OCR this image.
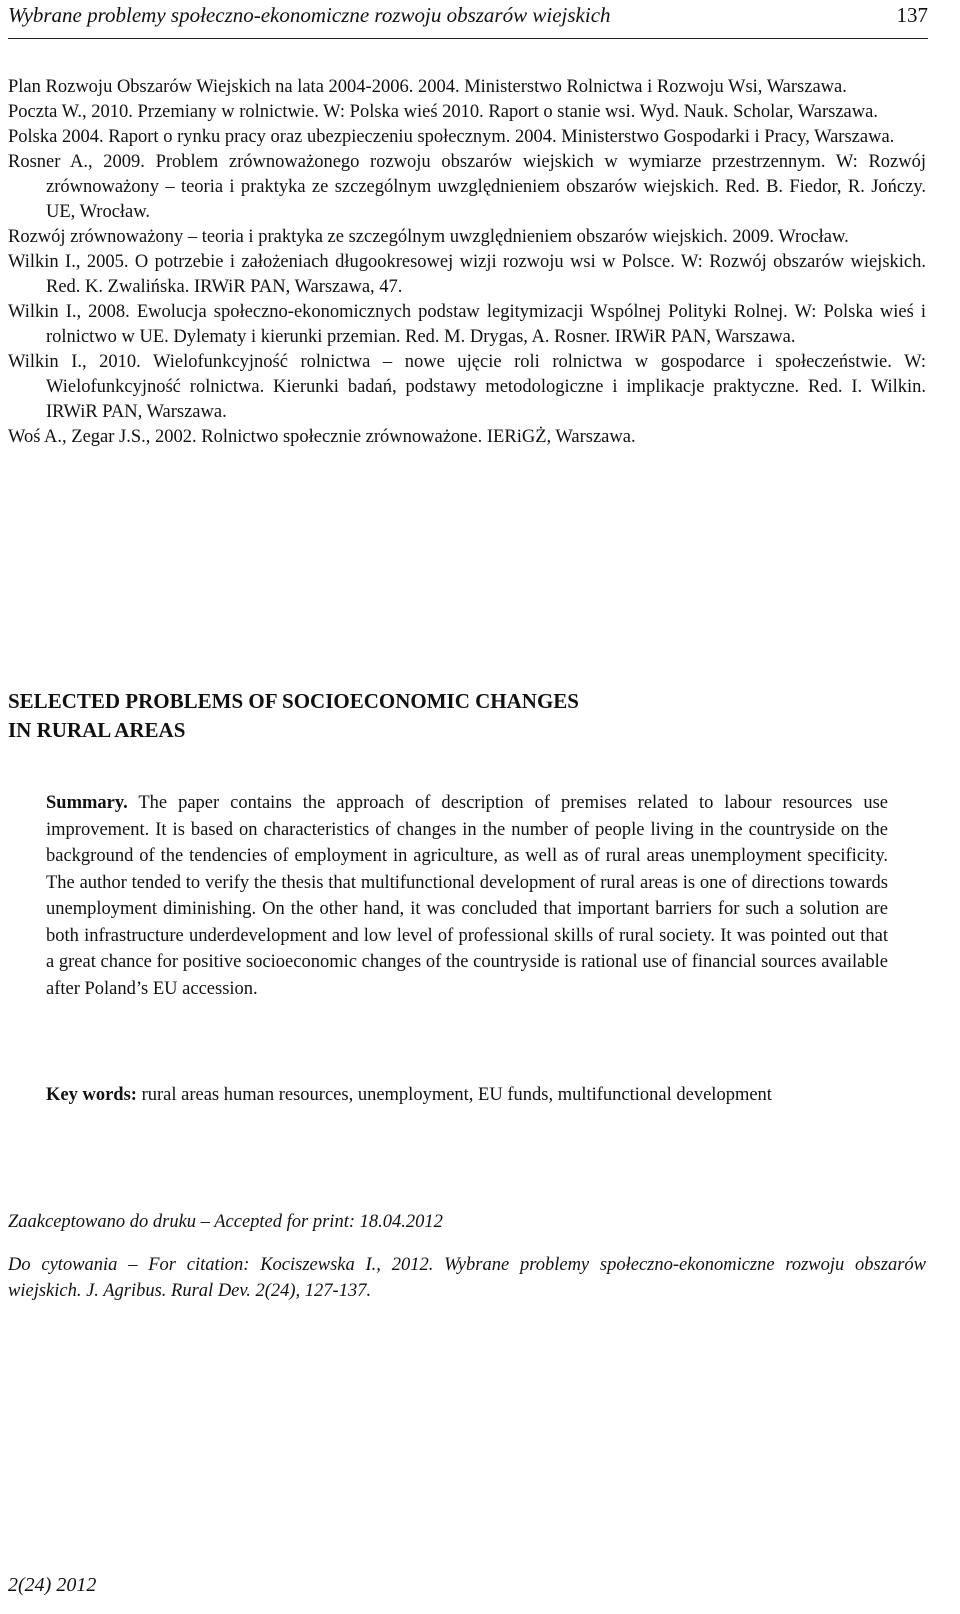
Wybrane problemy społeczno-ekonomiczne rozwoju obszarów wiejskich	137

Plan Rozwoju Obszarów Wiejskich na lata 2004-2006. 2004. Ministerstwo Rolnictwa i Rozwoju Wsi, Warszawa.

Poczta W., 2010. Przemiany w rolnictwie. W: Polska wieś 2010. Raport o stanie wsi. Wyd. Nauk. Scholar, Warszawa.

Polska 2004. Raport o rynku pracy oraz ubezpieczeniu społecznym. 2004. Ministerstwo Gospodarki i Pracy, Warszawa.

Rosner A., 2009. Problem zrównoważonego rozwoju obszarów wiejskich w wymiarze przestrzennym. W: Rozwój zrównoważony – teoria i praktyka ze szczególnym uwzględnieniem obszarów wiejskich. Red. B. Fiedor, R. Jończy. UE, Wrocław.

Rozwój zrównoważony – teoria i praktyka ze szczególnym uwzględnieniem obszarów wiejskich. 2009. Wrocław.

Wilkin I., 2005. O potrzebie i założeniach długookresowej wizji rozwoju wsi w Polsce. W: Rozwój obszarów wiejskich. Red. K. Zwalińska. IRWiR PAN, Warszawa, 47.

Wilkin I., 2008. Ewolucja społeczno-ekonomicznych podstaw legitymizacji Wspólnej Polityki Rolnej. W: Polska wieś i rolnictwo w UE. Dylematy i kierunki przemian. Red. M. Drygas, A. Rosner. IRWiR PAN, Warszawa.

Wilkin I., 2010. Wielofunkcyjność rolnictwa – nowe ujęcie roli rolnictwa w gospodarce i społeczeństwie. W: Wielofunkcyjność rolnictwa. Kierunki badań, podstawy metodologiczne i implikacje praktyczne. Red. I. Wilkin. IRWiR PAN, Warszawa.

Woś A., Zegar J.S., 2002. Rolnictwo społecznie zrównoważone. IERiGŻ, Warszawa.

SELECTED PROBLEMS OF SOCIOECONOMIC CHANGES
IN RURAL AREAS

Summary. The paper contains the approach of description of premises related to labour resources use improvement. It is based on characteristics of changes in the number of people living in the countryside on the background of the tendencies of employment in agriculture, as well as of rural areas unemployment specificity. The author tended to verify the thesis that multifunctional development of rural areas is one of directions towards unemployment diminishing. On the other hand, it was concluded that important barriers for such a solution are both infrastructure underdevelopment and low level of professional skills of rural society. It was pointed out that a great chance for positive socioeconomic changes of the countryside is rational use of financial sources available after Poland’s EU accession.

Key words: rural areas human resources, unemployment, EU funds, multifunctional development

Zaakceptowano do druku – Accepted for print: 18.04.2012

Do cytowania – For citation: Kociszewska I., 2012. Wybrane problemy społeczno-ekonomiczne rozwoju obszarów wiejskich. J. Agribus. Rural Dev. 2(24), 127-137.

2(24) 2012
